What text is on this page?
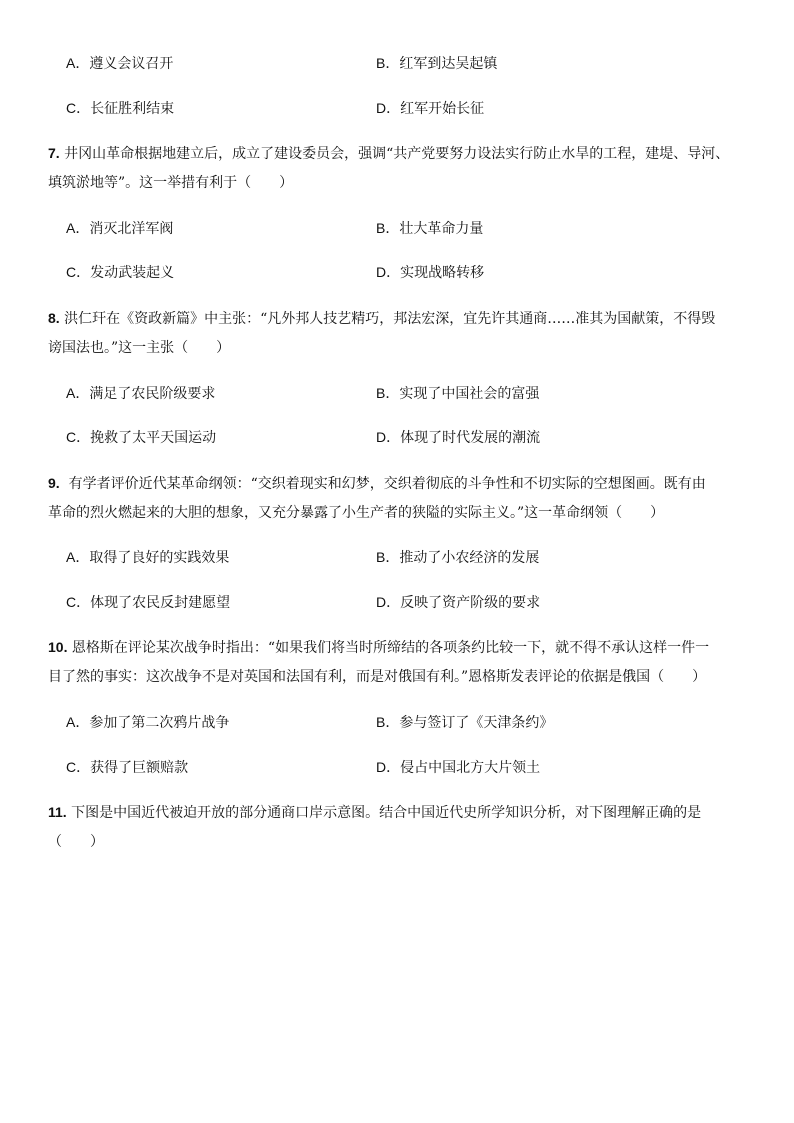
A．遵义会议召开	B．红军到达吴起镇
C．长征胜利结束	D．红军开始长征
7. 井冈山革命根据地建立后，成立了建设委员会，强调“共产党要努力设法实行防止水旱的工程，建堤、导河、
填筑淤地等”。这一举措有利于（　　）
A．消灭北洋军阀	B．壮大革命力量
C．发动武装起义	D．实现战略转移
8. 洪仁玕在《资政新篇》中主张：“凡外邦人技艺精巧，邦法宏深，宜先许其通商……准其为国献策，不得毁
谤国法也。”这一主张（　　）
A．满足了农民阶级要求	B．实现了中国社会的富强
C．挽救了太平天国运动	D．体现了时代发展的潮流
9. 有学者评价近代某革命纲领：“交织着现实和幻梦，交织着彻底的斗争性和不切实际的空想图画。既有由
革命的烈火燃起来的大胆的想象，又充分暴露了小生产者的狭隘的实际主义。”这一革命纲领（　　）
A．取得了良好的实践效果	B．推动了小农经济的发展
C．体现了农民反封建愿望	D．反映了资产阶级的要求
10. 恩格斯在评论某次战争时指出：“如果我们将当时所缔结的各项条约比较一下，就不得不承认这样一件一
目了然的事实：这次战争不是对英国和法国有利，而是对俄国有利。”恩格斯发表评论的依据是俄国（　　）
A．参加了第二次鸦片战争	B．参与签订了《天津条约》
C．获得了巨额赔款	D．侵占中国北方大片领土
11. 下图是中国近代被迫开放的部分通商口岸示意图。结合中国近代史所学知识分析，对下图理解正确的是
（　　）
